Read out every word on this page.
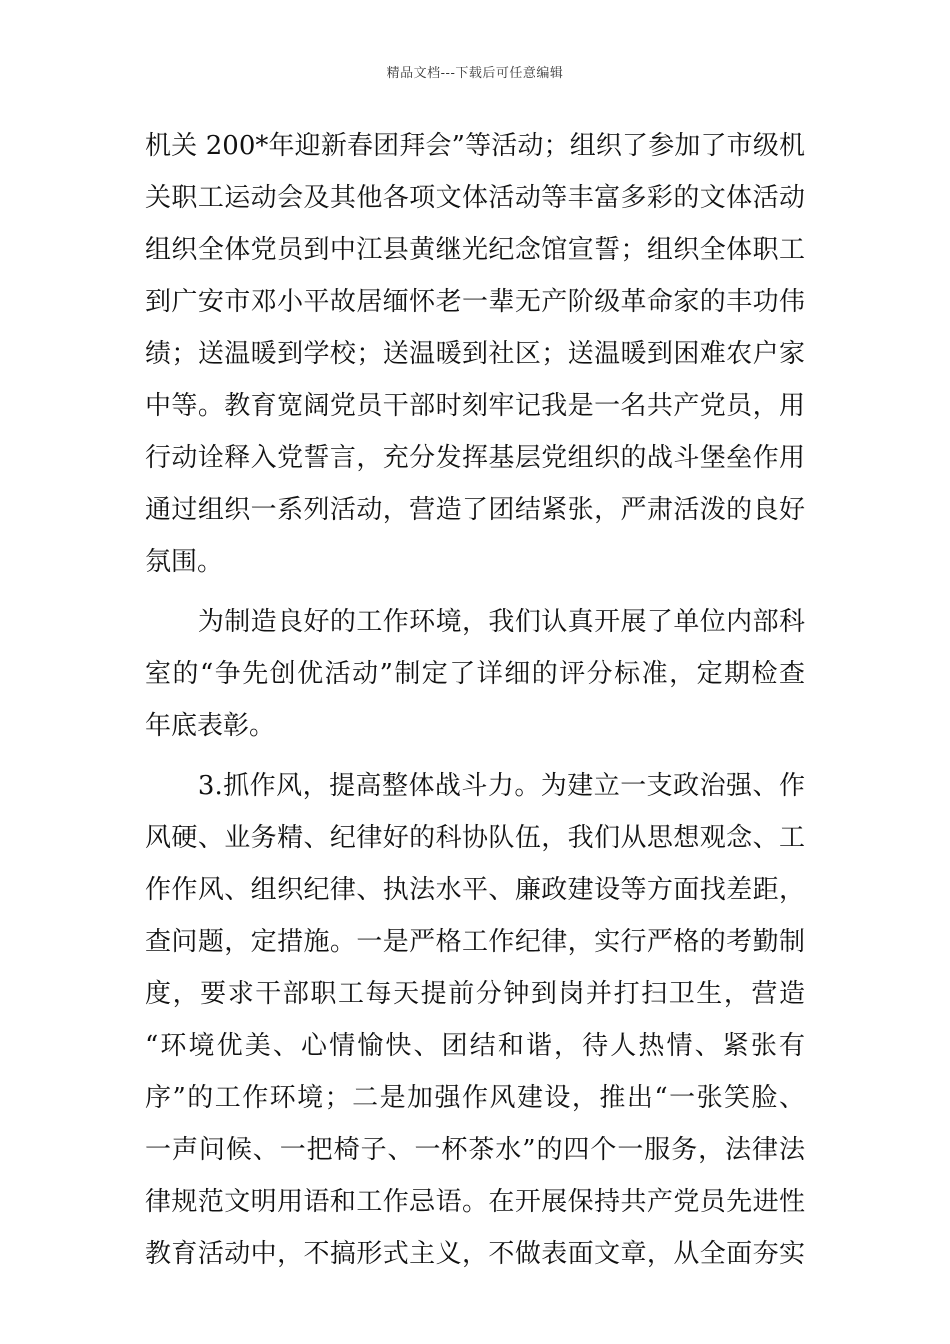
精品文档---下载后可任意编辑
机关 200*年迎新春团拜会”等活动；组织了参加了市级机
关职工运动会及其他各项文体活动等丰富多彩的文体活动
组织全体党员到中江县黄继光纪念馆宣誓；组织全体职工
到广安市邓小平故居缅怀老一辈无产阶级革命家的丰功伟
绩；送温暖到学校；送温暖到社区；送温暖到困难农户家
中等。教育宽阔党员干部时刻牢记我是一名共产党员，用
行动诠释入党誓言，充分发挥基层党组织的战斗堡垒作用
通过组织一系列活动，营造了团结紧张，严肃活泼的良好
氛围。
　　为制造良好的工作环境，我们认真开展了单位内部科
室的“争先创优活动”制定了详细的评分标准，定期检查
年底表彰。
　　3.抓作风，提高整体战斗力。为建立一支政治强、作
风硬、业务精、纪律好的科协队伍，我们从思想观念、工
作作风、组织纪律、执法水平、廉政建设等方面找差距，
查问题，定措施。一是严格工作纪律，实行严格的考勤制
度，要求干部职工每天提前分钟到岗并打扫卫生，营造
“环境优美、心情愉快、团结和谐，待人热情、紧张有
序”的工作环境；二是加强作风建设，推出“一张笑脸、
一声问候、一把椅子、一杯茶水”的四个一服务，法律法
律规范文明用语和工作忌语。在开展保持共产党员先进性
教育活动中，不搞形式主义，不做表面文章，从全面夯实
